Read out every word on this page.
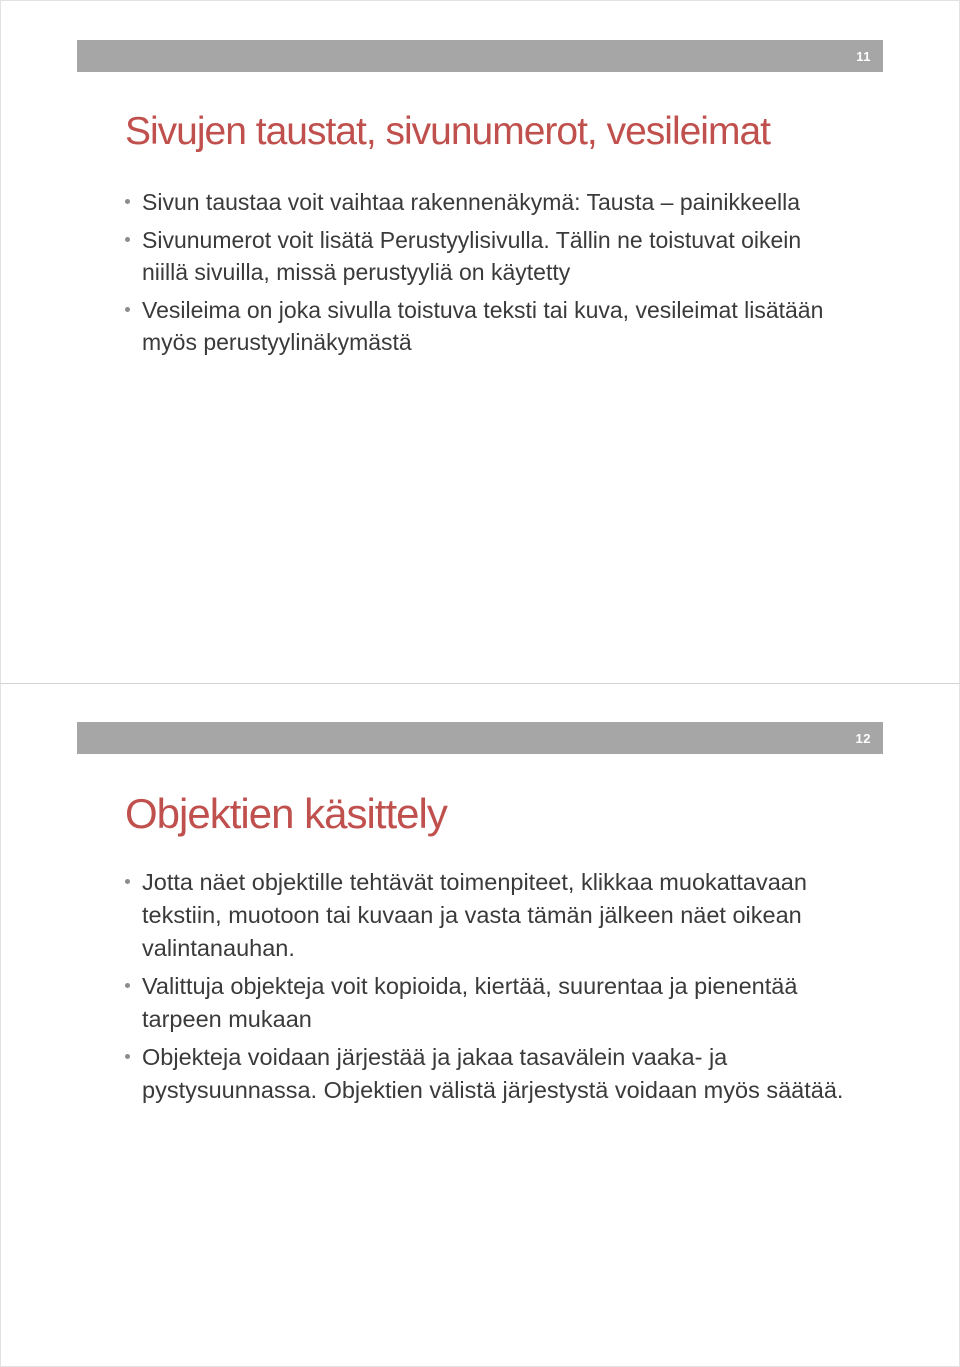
11
Sivujen taustat, sivunumerot, vesileimat
Sivun taustaa voit vaihtaa rakennenäkymä: Tausta – painikkeella
Sivunumerot voit lisätä Perustyylisivulla. Tällin ne toistuvat oikein niillä sivuilla, missä perustyyliä on käytetty
Vesileima on joka sivulla toistuva teksti tai kuva, vesileimat lisätään myös perustyylinäkymästä
12
Objektien käsittely
Jotta näet objektille tehtävät toimenpiteet, klikkaa muokattavaan tekstiin, muotoon tai kuvaan ja vasta tämän jälkeen näet oikean valintanauhan.
Valittuja objekteja voit kopioida, kiertää, suurentaa ja pienentää tarpeen mukaan
Objekteja voidaan järjestää ja jakaa tasavälein vaaka- ja pystysuunnassa. Objektien välistä järjestystä voidaan myös säätää.
